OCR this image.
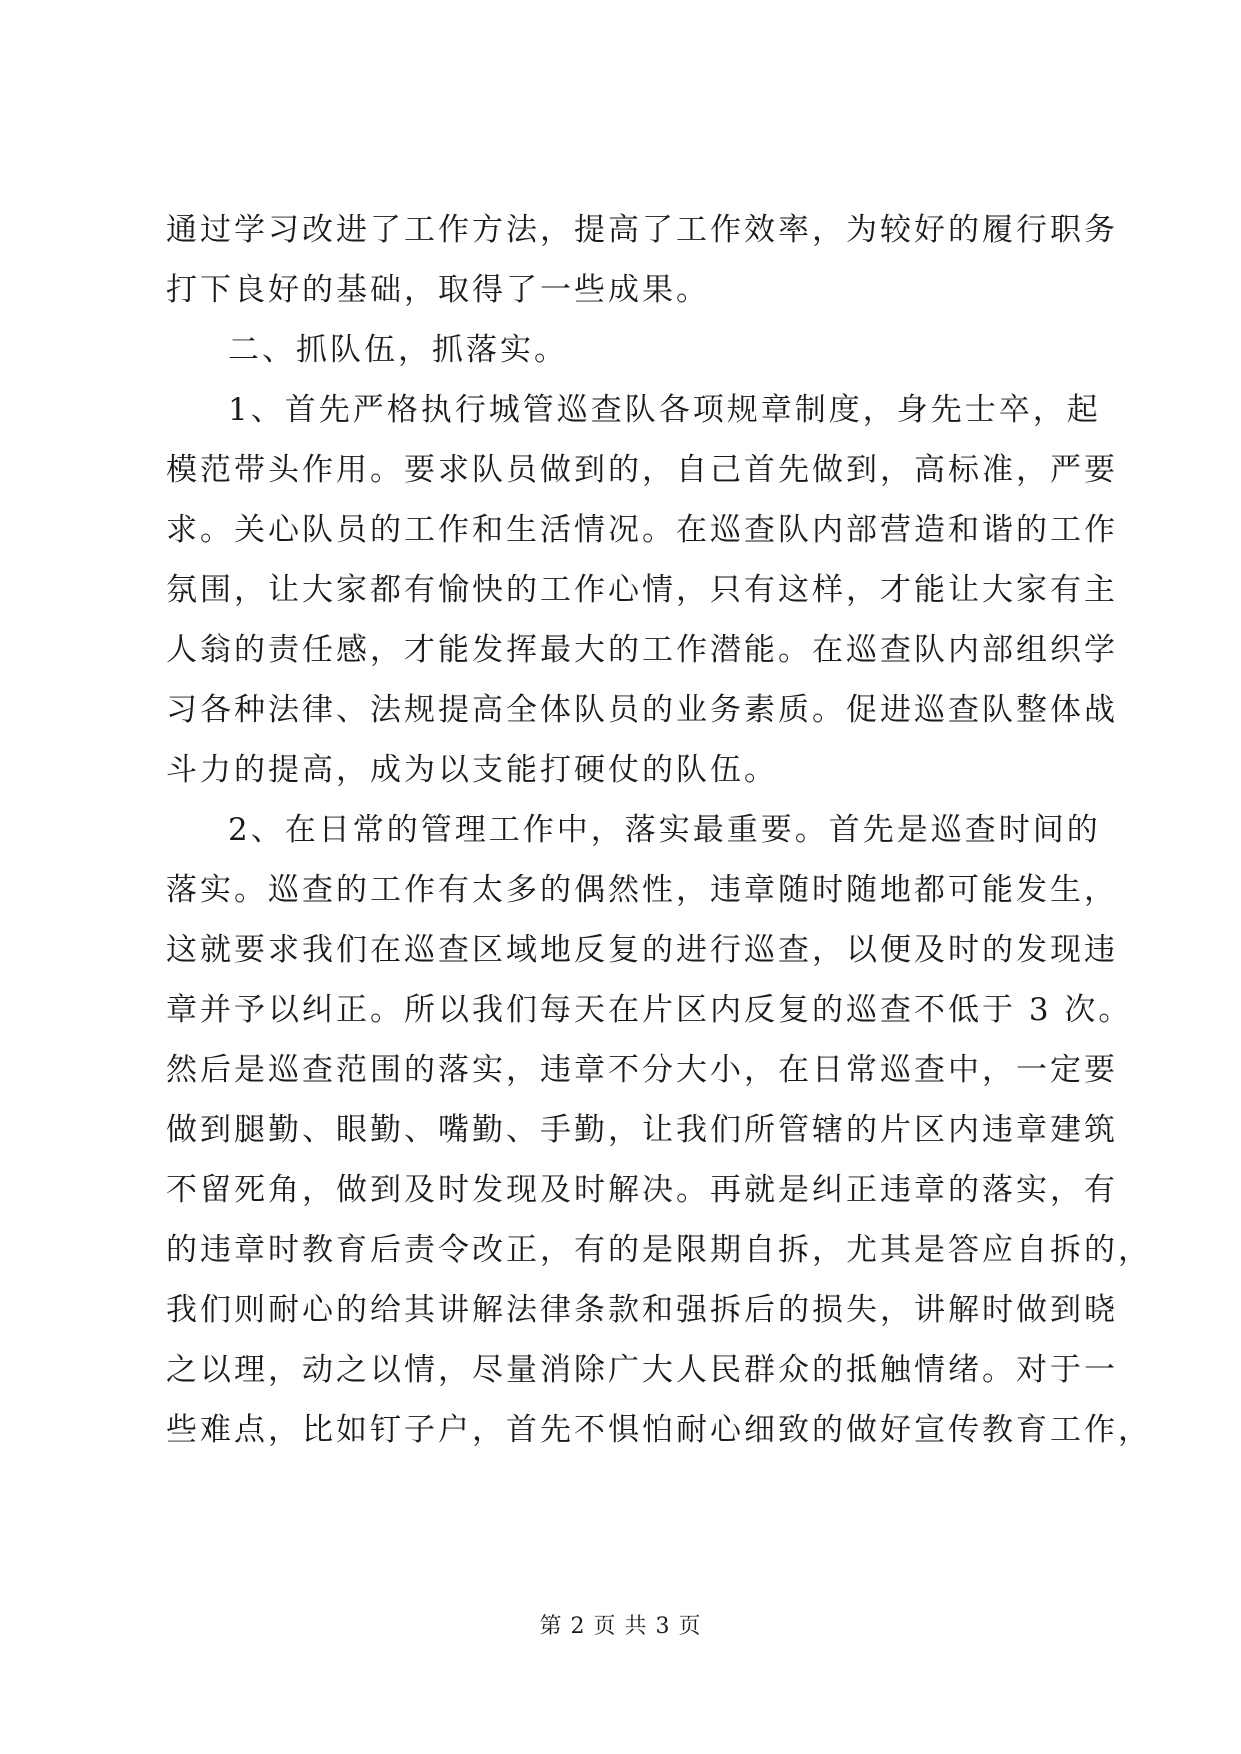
通过学习改进了工作方法，提高了工作效率，为较好的履行职务
打下良好的基础，取得了一些成果。
二、抓队伍，抓落实。
1、首先严格执行城管巡查队各项规章制度，身先士卒，起
模范带头作用。要求队员做到的，自己首先做到，高标准，严要
求。关心队员的工作和生活情况。在巡查队内部营造和谐的工作
氛围，让大家都有愉快的工作心情，只有这样，才能让大家有主
人翁的责任感，才能发挥最大的工作潜能。在巡查队内部组织学
习各种法律、法规提高全体队员的业务素质。促进巡查队整体战
斗力的提高，成为以支能打硬仗的队伍。
2、在日常的管理工作中，落实最重要。首先是巡查时间的
落实。巡查的工作有太多的偶然性，违章随时随地都可能发生，
这就要求我们在巡查区域地反复的进行巡查，以便及时的发现违
章并予以纠正。所以我们每天在片区内反复的巡查不低于 3 次。
然后是巡查范围的落实，违章不分大小，在日常巡查中，一定要
做到腿勤、眼勤、嘴勤、手勤，让我们所管辖的片区内违章建筑
不留死角，做到及时发现及时解决。再就是纠正违章的落实，有
的违章时教育后责令改正，有的是限期自拆，尤其是答应自拆的，
我们则耐心的给其讲解法律条款和强拆后的损失，讲解时做到晓
之以理，动之以情，尽量消除广大人民群众的抵触情绪。对于一
些难点，比如钉子户，首先不惧怕耐心细致的做好宣传教育工作，
第 2 页 共 3 页
